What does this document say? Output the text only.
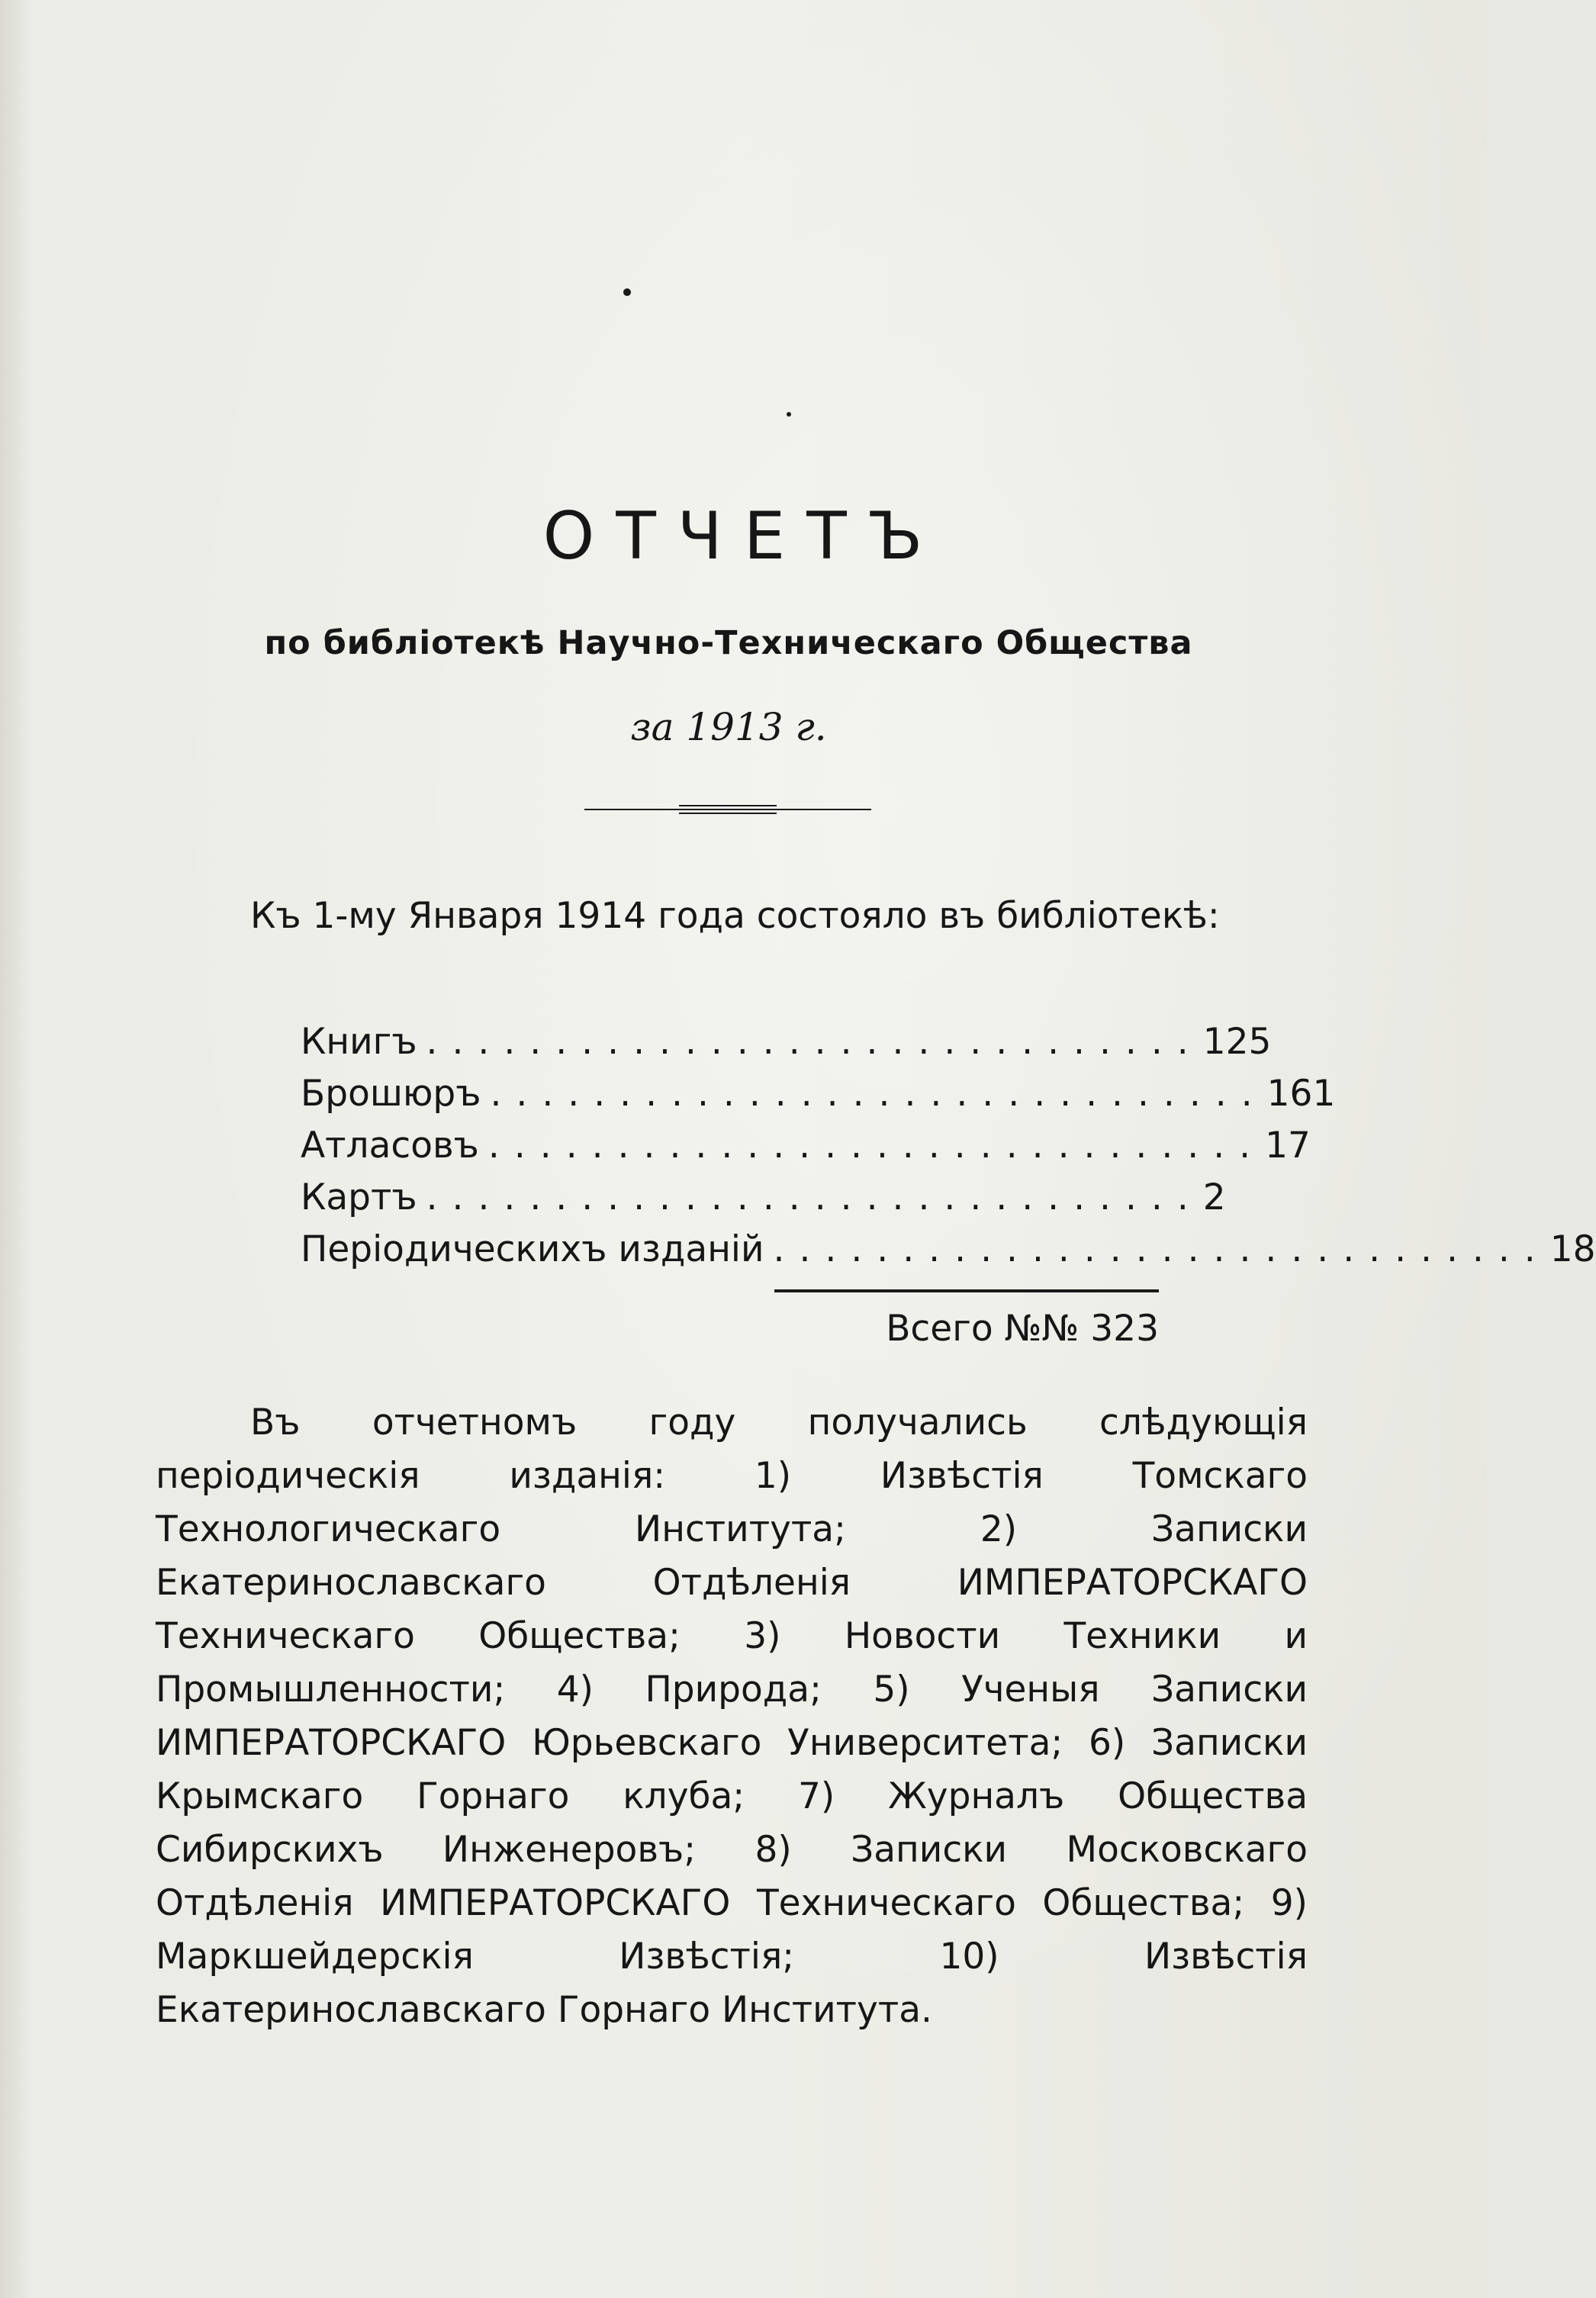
ОТЧЕТЪ
по библіотекѣ Научно-Техническаго Общества
за 1913 г.
Къ 1-му Января 1914 года состояло въ библіотекѣ:
Книгъ .............................. 125
Брошюръ .............................. 161
Атласовъ .............................. 17
Картъ .............................. 2
Періодическихъ изданій .............................. 18
Всего №№ 323
Въ отчетномъ году получались слѣдующія періодическія изданія: 1) Извѣстія Томскаго Технологическаго Института; 2) Записки Екатеринославскаго Отдѣленія ИМПЕРАТОРСКАГО Техническаго Общества; 3) Новости Техники и Промышленности; 4) Природа; 5) Ученыя Записки ИМПЕРАТОРСКАГО Юрьевскаго Университета; 6) Записки Крымскаго Горнаго клуба; 7) Журналъ Общества Сибирскихъ Инженеровъ; 8) Записки Московскаго Отдѣленія ИМПЕРАТОРСКАГО Техническаго Общества; 9) Маркшейдерскія Извѣстія; 10) Извѣстія Екатеринославскаго Горнаго Института.
